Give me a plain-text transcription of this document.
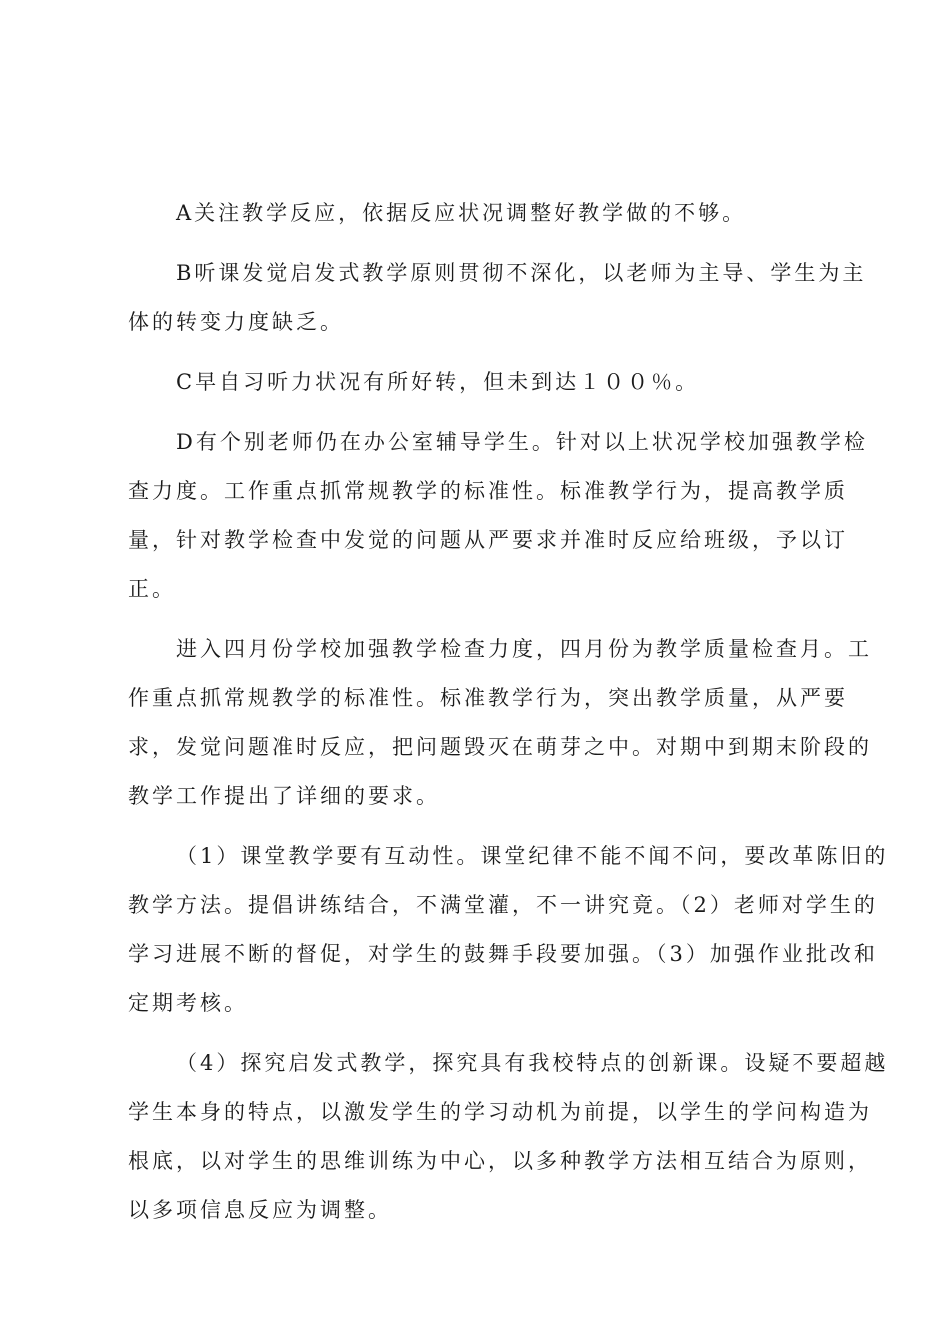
A关注教学反应，依据反应状况调整好教学做的不够。
B听课发觉启发式教学原则贯彻不深化，以老师为主导、学生为主
体的转变力度缺乏。
C早自习听力状况有所好转，但未到达１００％。
D有个别老师仍在办公室辅导学生。针对以上状况学校加强教学检
查力度。工作重点抓常规教学的标准性。标准教学行为，提高教学质
量，针对教学检查中发觉的问题从严要求并准时反应给班级，予以订
正。
进入四月份学校加强教学检查力度，四月份为教学质量检查月。工
作重点抓常规教学的标准性。标准教学行为，突出教学质量，从严要
求，发觉问题准时反应，把问题毁灭在萌芽之中。对期中到期末阶段的
教学工作提出了详细的要求。
（1）课堂教学要有互动性。课堂纪律不能不闻不问，要改革陈旧的
教学方法。提倡讲练结合，不满堂灌，不一讲究竟。（2）老师对学生的
学习进展不断的督促，对学生的鼓舞手段要加强。（3）加强作业批改和
定期考核。
（4）探究启发式教学，探究具有我校特点的创新课。设疑不要超越
学生本身的特点，以激发学生的学习动机为前提，以学生的学问构造为
根底，以对学生的思维训练为中心，以多种教学方法相互结合为原则，
以多项信息反应为调整。
